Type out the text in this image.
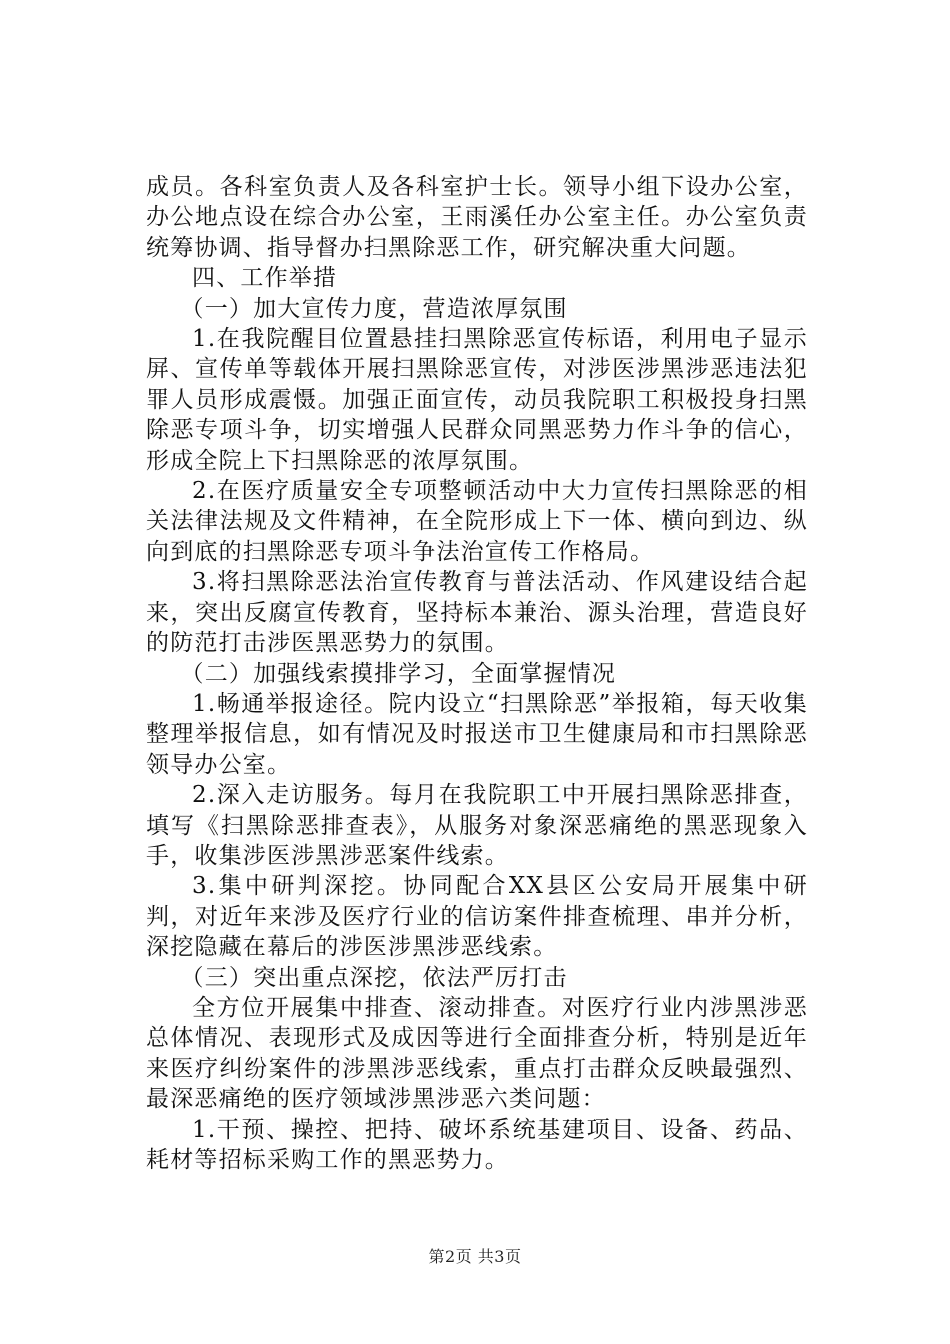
成员。各科室负责人及各科室护士长。领导小组下设办公室，办公地点设在综合办公室，王雨溪任办公室主任。办公室负责统筹协调、指导督办扫黑除恶工作，研究解决重大问题。

四、工作举措

（一）加大宣传力度，营造浓厚氛围

1.在我院醒目位置悬挂扫黑除恶宣传标语，利用电子显示屏、宣传单等载体开展扫黑除恶宣传，对涉医涉黑涉恶违法犯罪人员形成震慑。加强正面宣传，动员我院职工积极投身扫黑除恶专项斗争，切实增强人民群众同黑恶势力作斗争的信心，形成全院上下扫黑除恶的浓厚氛围。

2.在医疗质量安全专项整顿活动中大力宣传扫黑除恶的相关法律法规及文件精神，在全院形成上下一体、横向到边、纵向到底的扫黑除恶专项斗争法治宣传工作格局。

3.将扫黑除恶法治宣传教育与普法活动、作风建设结合起来，突出反腐宣传教育，坚持标本兼治、源头治理，营造良好的防范打击涉医黑恶势力的氛围。

（二）加强线索摸排学习，全面掌握情况

1.畅通举报途径。院内设立“扫黑除恶”举报箱，每天收集整理举报信息，如有情况及时报送市卫生健康局和市扫黑除恶领导办公室。

2.深入走访服务。每月在我院职工中开展扫黑除恶排查，填写《扫黑除恶排查表》，从服务对象深恶痛绝的黑恶现象入手，收集涉医涉黑涉恶案件线索。

3.集中研判深挖。协同配合XX县区公安局开展集中研判，对近年来涉及医疗行业的信访案件排查梳理、串并分析，深挖隐藏在幕后的涉医涉黑涉恶线索。

（三）突出重点深挖，依法严厉打击

全方位开展集中排查、滚动排查。对医疗行业内涉黑涉恶总体情况、表现形式及成因等进行全面排查分析，特别是近年来医疗纠纷案件的涉黑涉恶线索，重点打击群众反映最强烈、最深恶痛绝的医疗领域涉黑涉恶六类问题：

1.干预、操控、把持、破坏系统基建项目、设备、药品、耗材等招标采购工作的黑恶势力。

第2页 共3页
